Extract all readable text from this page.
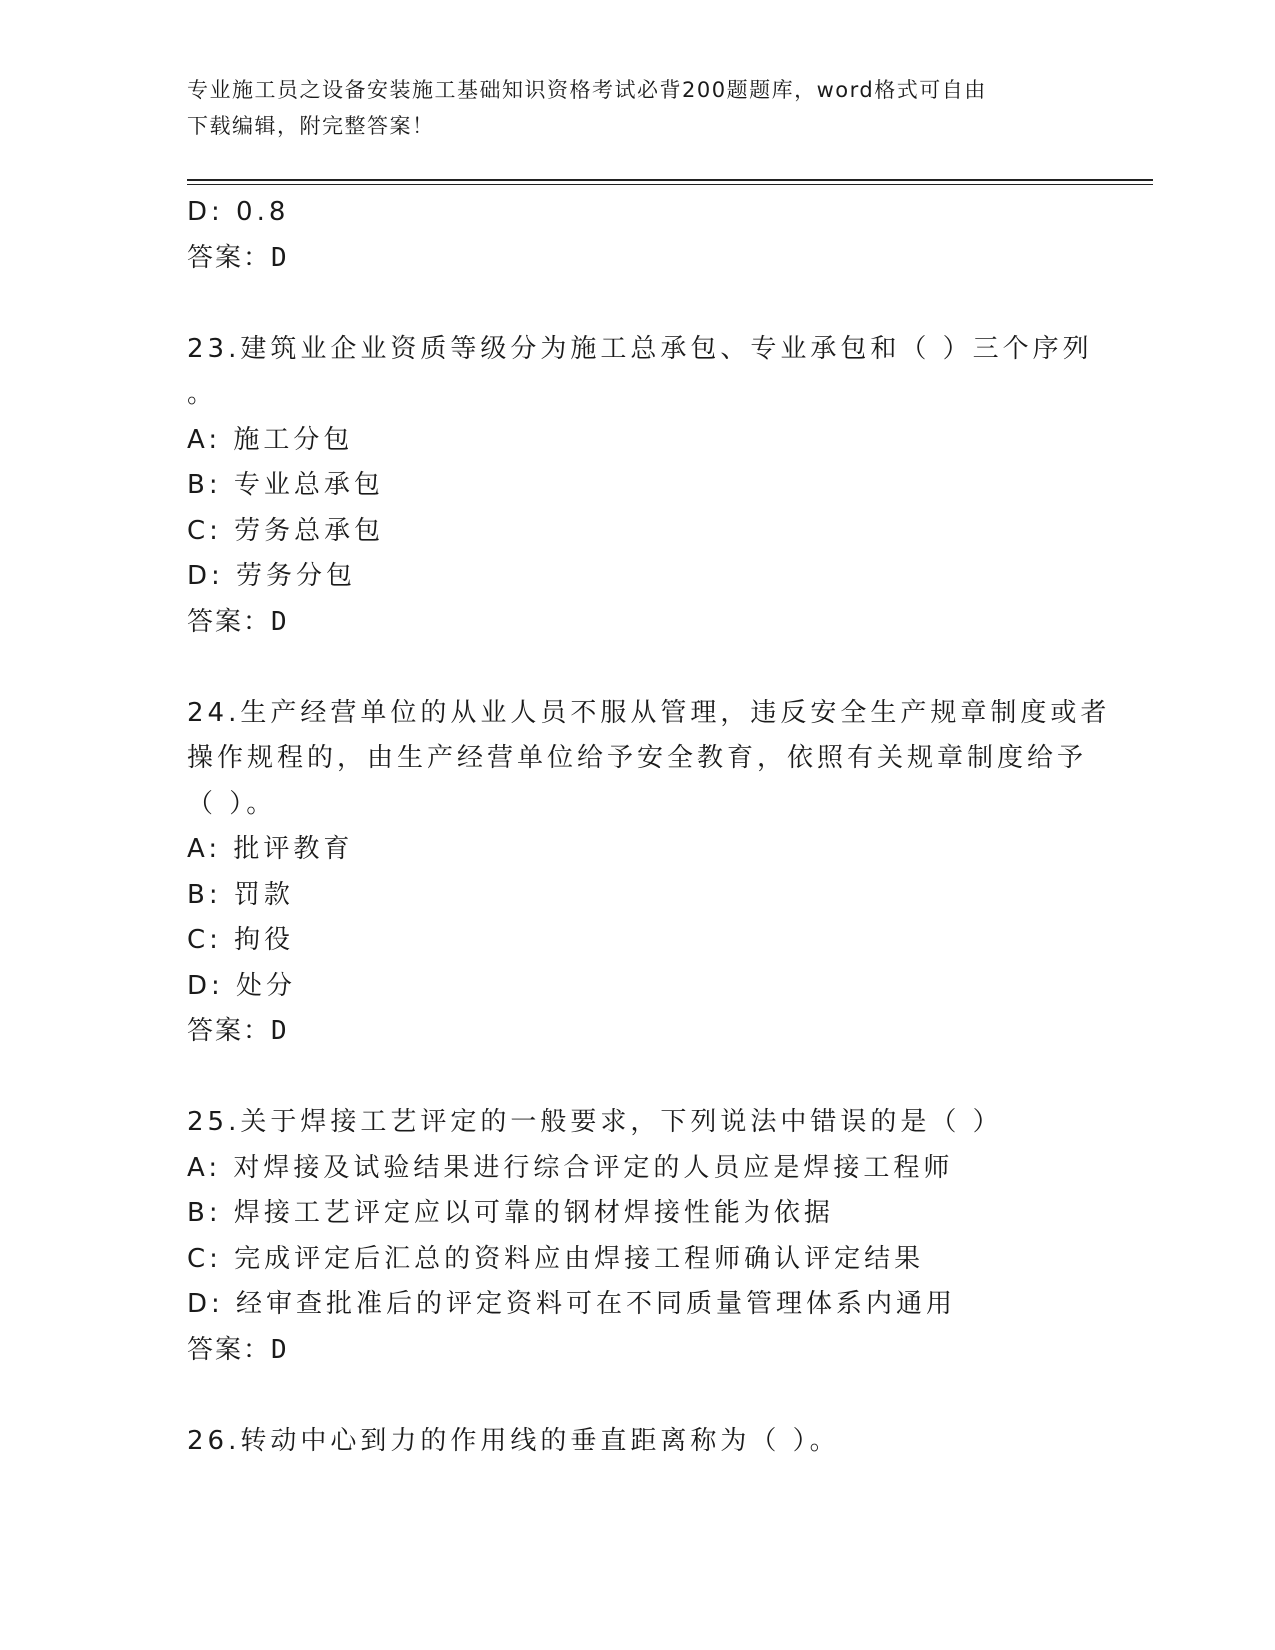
专业施工员之设备安装施工基础知识资格考试必背200题题库，word格式可自由
下载编辑，附完整答案！
D: 0.8
答案：D
23.建筑业企业资质等级分为施工总承包、专业承包和（ ）三个序列
。
A: 施工分包
B: 专业总承包
C: 劳务总承包
D: 劳务分包
答案：D
24.生产经营单位的从业人员不服从管理，违反安全生产规章制度或者
操作规程的，由生产经营单位给予安全教育，依照有关规章制度给予
（ ）。
A: 批评教育
B: 罚款
C: 拘役
D: 处分
答案：D
25.关于焊接工艺评定的一般要求，下列说法中错误的是（ ）
A: 对焊接及试验结果进行综合评定的人员应是焊接工程师
B: 焊接工艺评定应以可靠的钢材焊接性能为依据
C: 完成评定后汇总的资料应由焊接工程师确认评定结果
D: 经审查批准后的评定资料可在不同质量管理体系内通用
答案：D
26.转动中心到力的作用线的垂直距离称为（ ）。
